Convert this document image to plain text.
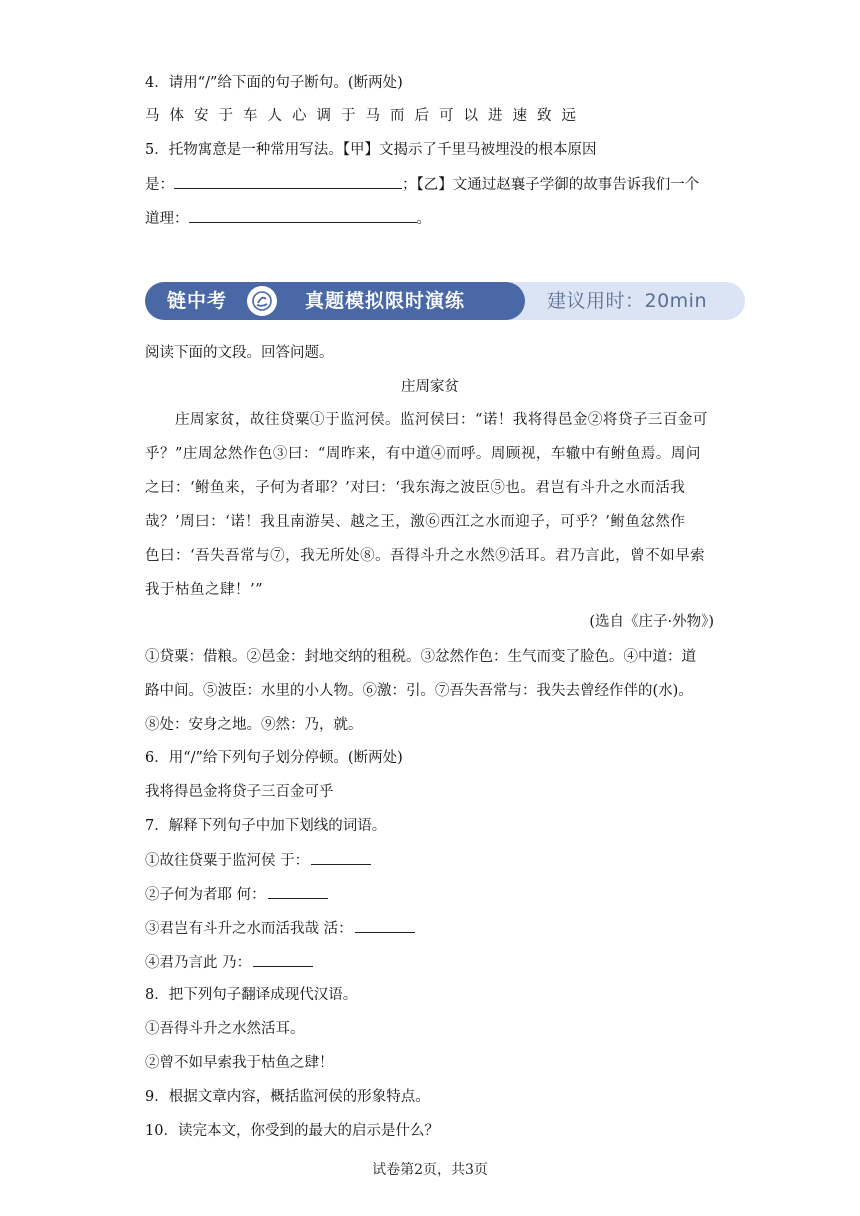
4．请用“/”给下面的句子断句。(断两处)
马体安于车人心调于马而后可以进速致远
5．托物寓意是一种常用写法。【甲】文揭示了千里马被埋没的根本原因
是：	；【乙】文通过赵襄子学御的故事告诉我们一个
道理：	。
链中考	真题模拟限时演练	建议用时：20min
阅读下面的文段。回答问题。
庄周家贫
庄周家贫，故往贷粟①于监河侯。监河侯曰：“诺！我将得邑金②将贷子三百金可
乎？”庄周忿然作色③曰：“周昨来，有中道④而呼。周顾视，车辙中有鲋鱼焉。周问
之曰：‘鲋鱼来，子何为者耶？’对曰：‘我东海之波臣⑤也。君岂有斗升之水而活我
哉？’周曰：‘诺！我且南游吴、越之王，激⑥西江之水而迎子，可乎？’鲋鱼忿然作
色曰：‘吾失吾常与⑦，我无所处⑧。吾得斗升之水然⑨活耳。君乃言此，曾不如早索
我于枯鱼之肆！’”
(选自《庄子·外物》)
①贷粟：借粮。②邑金：封地交纳的租税。③忿然作色：生气而变了脸色。④中道：道
路中间。⑤波臣：水里的小人物。⑥激：引。⑦吾失吾常与：我失去曾经作伴的(水)。
⑧处：安身之地。⑨然：乃，就。
6．用“/”给下列句子划分停顿。(断两处)
我将得邑金将贷子三百金可乎
7．解释下列句子中加下划线的词语。
①故往贷粟于监河侯 于：
②子何为者耶 何：
③君岂有斗升之水而活我哉 活：
④君乃言此 乃：
8．把下列句子翻译成现代汉语。
①吾得斗升之水然活耳。
②曾不如早索我于枯鱼之肆！
9．根据文章内容，概括监河侯的形象特点。
10．读完本文，你受到的最大的启示是什么？
试卷第2页，共3页
